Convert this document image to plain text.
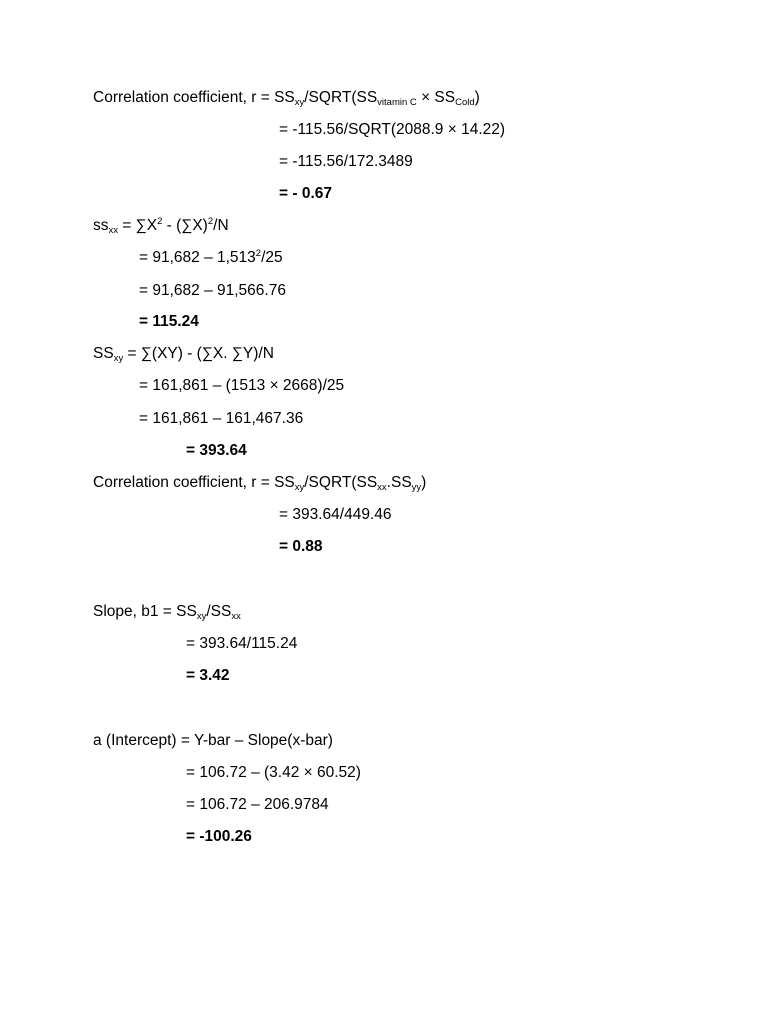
Correlation coefficient, $r = SS_{xy}/SQRT(SS_{vitamin C} \times SS_{Cold})$
= -115.56/SQRT(2088.9 × 14.22)
= -115.56/172.3489
= - 0.67
$ss_{xx} = \sum X^2 - (\sum X)^2/N$
= $91,682 - 1,513^2/25$
= 91,682 – 91,566.76
= 115.24
$SS_{xy} = \sum(XY) - (\sum X$. ∑Y)/N
= 161,861 – (1513 × 2668)/25
= 161,861 – 161,467.36
= 393.64
Correlation coefficient, $r = SS_{xy}/SQRT(SS_{xx}.SS_{yy})$
= 393.64/449.46
= 0.88
Slope, $b1 = SS_{xy}/SS_{xx}$
= 393.64/115.24
= 3.42
a (Intercept) = Y-bar – Slope(x-bar)
= 106.72 – (3.42 × 60.52)
= 106.72 – 206.9784
= -100.26
